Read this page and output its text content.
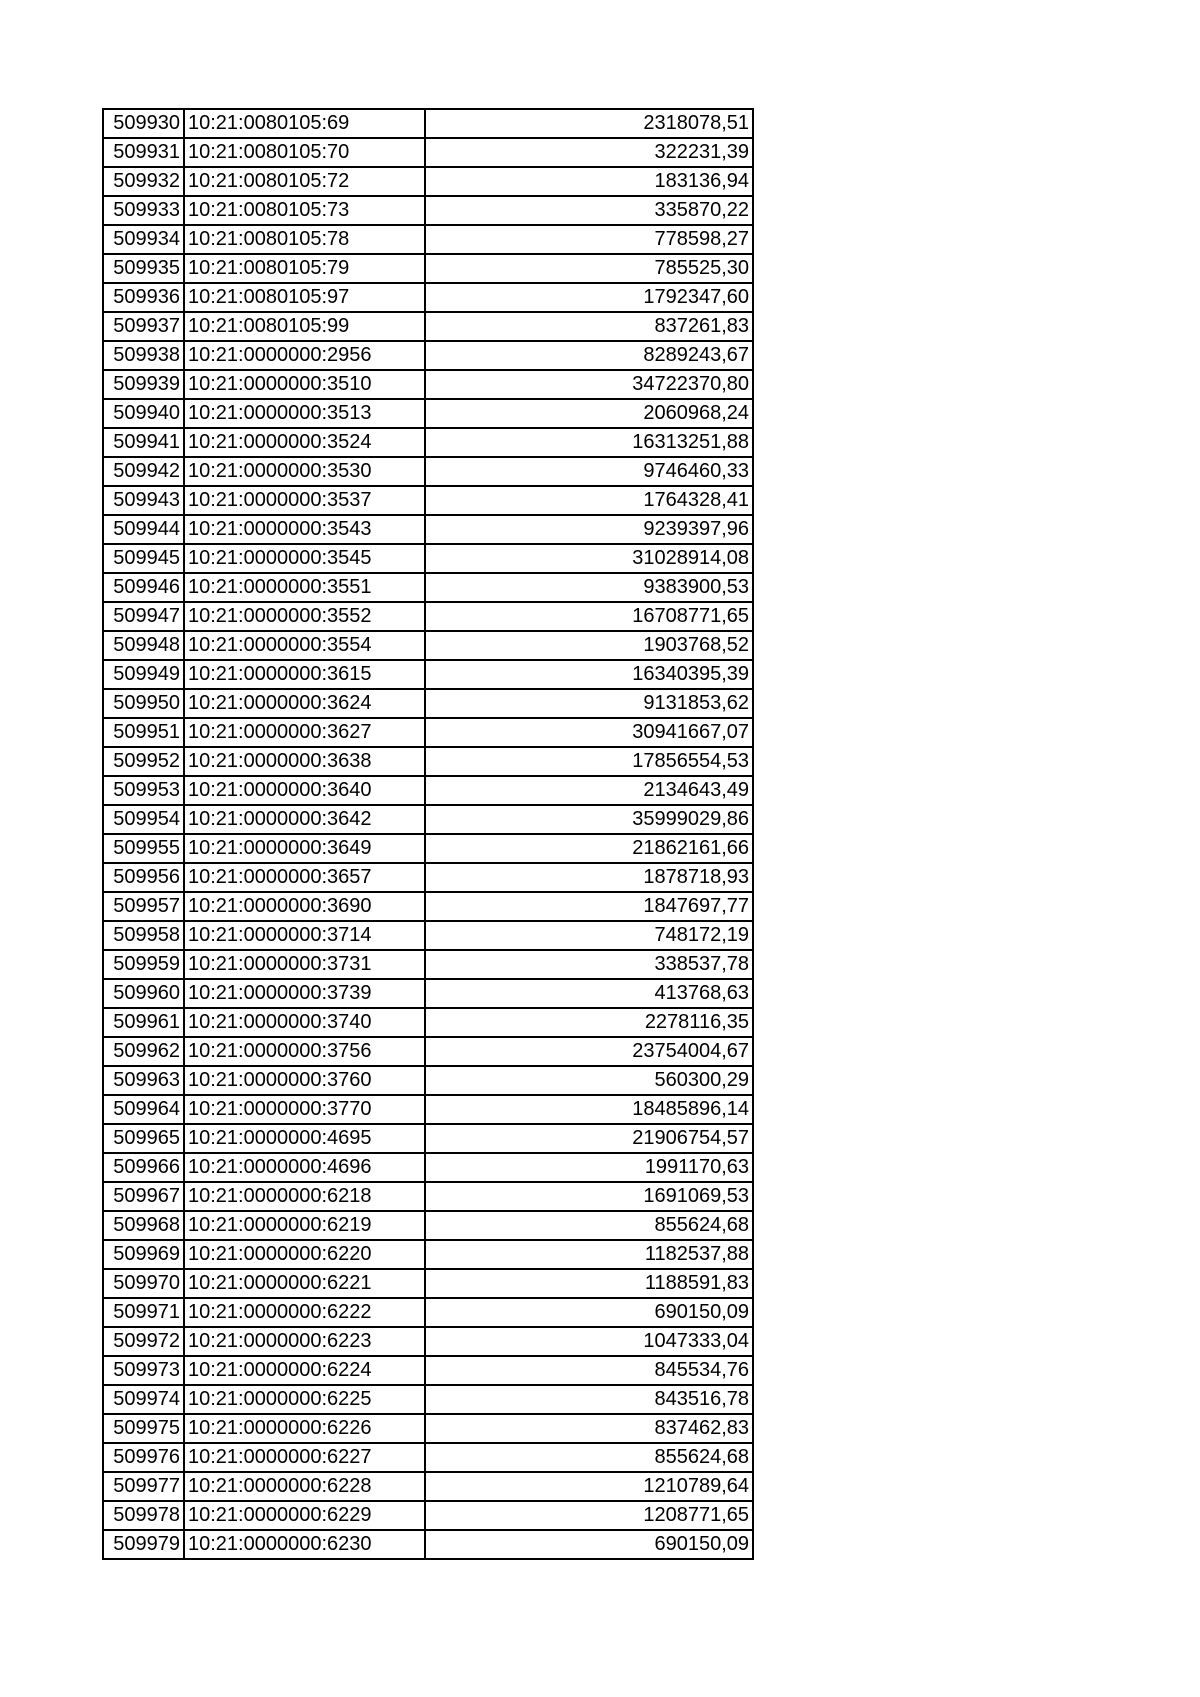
509930	10:21:0080105:69	2318078,51
509931	10:21:0080105:70	322231,39
509932	10:21:0080105:72	183136,94
509933	10:21:0080105:73	335870,22
509934	10:21:0080105:78	778598,27
509935	10:21:0080105:79	785525,30
509936	10:21:0080105:97	1792347,60
509937	10:21:0080105:99	837261,83
509938	10:21:0000000:2956	8289243,67
509939	10:21:0000000:3510	34722370,80
509940	10:21:0000000:3513	2060968,24
509941	10:21:0000000:3524	16313251,88
509942	10:21:0000000:3530	9746460,33
509943	10:21:0000000:3537	1764328,41
509944	10:21:0000000:3543	9239397,96
509945	10:21:0000000:3545	31028914,08
509946	10:21:0000000:3551	9383900,53
509947	10:21:0000000:3552	16708771,65
509948	10:21:0000000:3554	1903768,52
509949	10:21:0000000:3615	16340395,39
509950	10:21:0000000:3624	9131853,62
509951	10:21:0000000:3627	30941667,07
509952	10:21:0000000:3638	17856554,53
509953	10:21:0000000:3640	2134643,49
509954	10:21:0000000:3642	35999029,86
509955	10:21:0000000:3649	21862161,66
509956	10:21:0000000:3657	1878718,93
509957	10:21:0000000:3690	1847697,77
509958	10:21:0000000:3714	748172,19
509959	10:21:0000000:3731	338537,78
509960	10:21:0000000:3739	413768,63
509961	10:21:0000000:3740	2278116,35
509962	10:21:0000000:3756	23754004,67
509963	10:21:0000000:3760	560300,29
509964	10:21:0000000:3770	18485896,14
509965	10:21:0000000:4695	21906754,57
509966	10:21:0000000:4696	1991170,63
509967	10:21:0000000:6218	1691069,53
509968	10:21:0000000:6219	855624,68
509969	10:21:0000000:6220	1182537,88
509970	10:21:0000000:6221	1188591,83
509971	10:21:0000000:6222	690150,09
509972	10:21:0000000:6223	1047333,04
509973	10:21:0000000:6224	845534,76
509974	10:21:0000000:6225	843516,78
509975	10:21:0000000:6226	837462,83
509976	10:21:0000000:6227	855624,68
509977	10:21:0000000:6228	1210789,64
509978	10:21:0000000:6229	1208771,65
509979	10:21:0000000:6230	690150,09
